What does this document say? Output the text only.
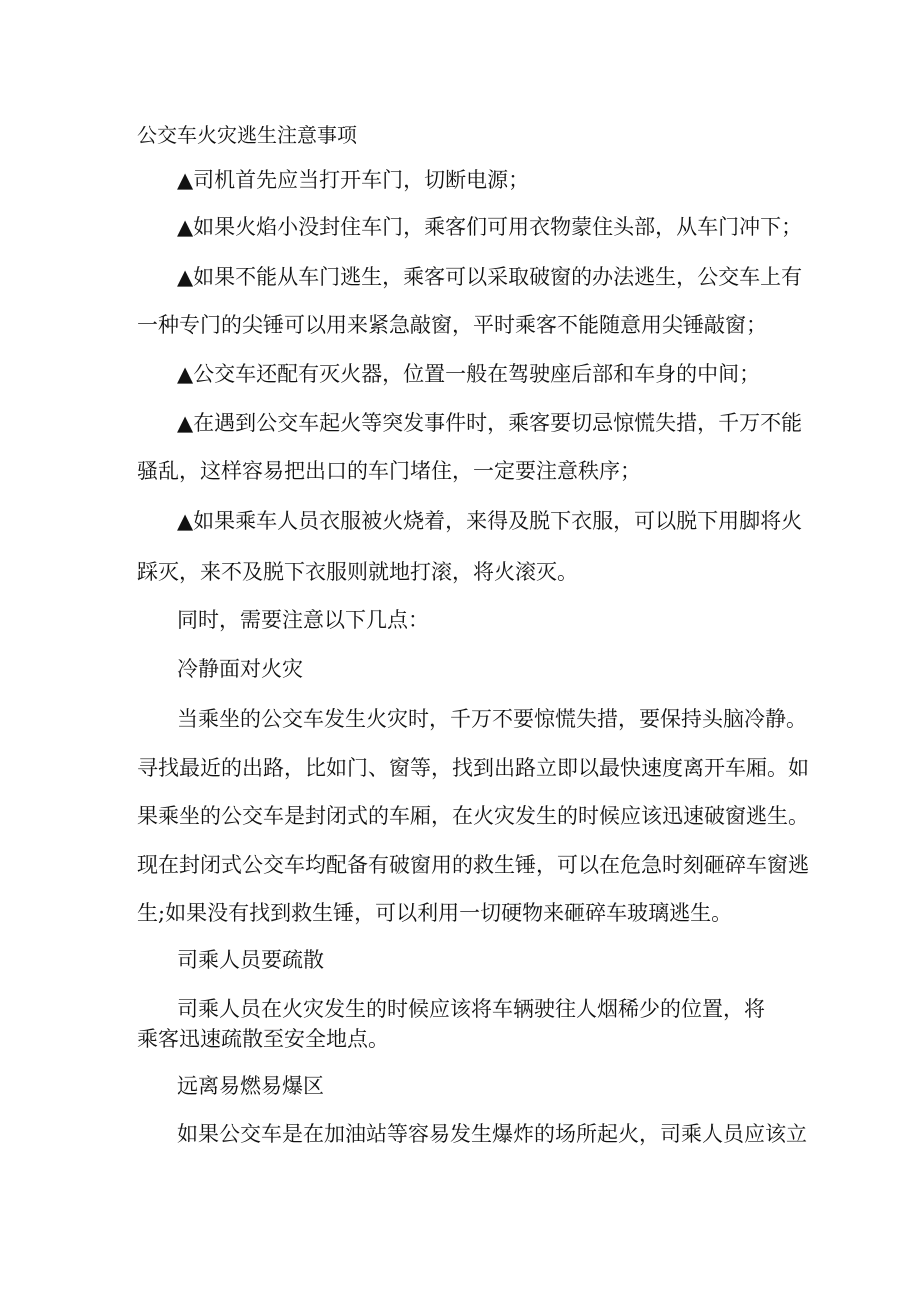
公交车火灾逃生注意事项

▲司机首先应当打开车门，切断电源；

▲如果火焰小没封住车门，乘客们可用衣物蒙住头部，从车门冲下；

▲如果不能从车门逃生，乘客可以采取破窗的办法逃生，公交车上有

一种专门的尖锤可以用来紧急敲窗，平时乘客不能随意用尖锤敲窗；

▲公交车还配有灭火器，位置一般在驾驶座后部和车身的中间；

▲在遇到公交车起火等突发事件时，乘客要切忌惊慌失措，千万不能

骚乱，这样容易把出口的车门堵住，一定要注意秩序；

▲如果乘车人员衣服被火烧着，来得及脱下衣服，可以脱下用脚将火

踩灭，来不及脱下衣服则就地打滚，将火滚灭。

同时，需要注意以下几点：

冷静面对火灾

当乘坐的公交车发生火灾时，千万不要惊慌失措，要保持头脑冷静。

寻找最近的出路，比如门、窗等，找到出路立即以最快速度离开车厢。如

果乘坐的公交车是封闭式的车厢，在火灾发生的时候应该迅速破窗逃生。

现在封闭式公交车均配备有破窗用的救生锤，可以在危急时刻砸碎车窗逃

生;如果没有找到救生锤，可以利用一切硬物来砸碎车玻璃逃生。

司乘人员要疏散

司乘人员在火灾发生的时候应该将车辆驶往人烟稀少的位置，将

乘客迅速疏散至安全地点。

远离易燃易爆区

如果公交车是在加油站等容易发生爆炸的场所起火，司乘人员应该立
